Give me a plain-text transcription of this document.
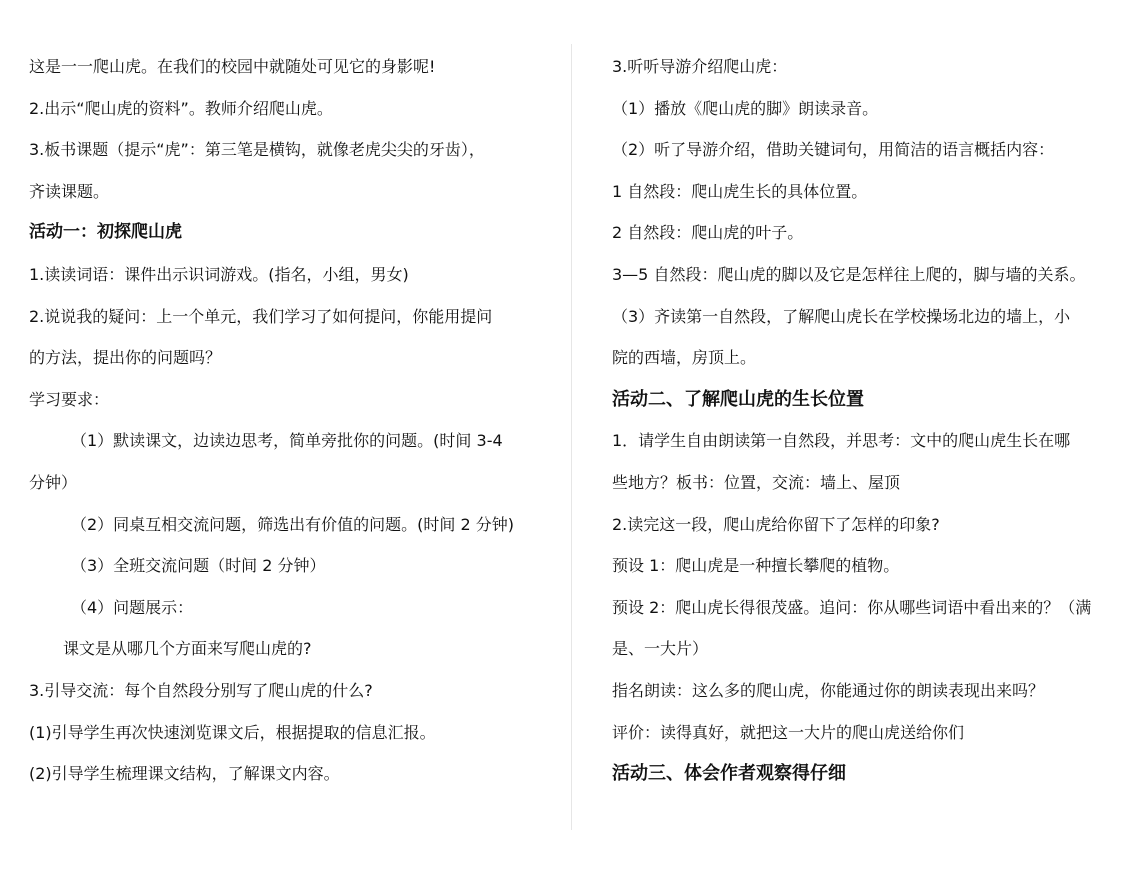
这是一一爬山虎。在我们的校园中就随处可见它的身影呢!
2.出示“爬山虎的资料”。教师介绍爬山虎。
3.板书课题（提示“虎”：第三笔是横钩，就像老虎尖尖的牙齿），
齐读课题。
活动一：初探爬山虎
1.读读词语：课件出示识词游戏。(指名，小组，男女)
2.说说我的疑问：上一个单元，我们学习了如何提问，你能用提问
的方法，提出你的问题吗？
学习要求：
（1）默读课文，边读边思考，简单旁批你的问题。(时间 3-4
分钟）
（2）同桌互相交流问题，筛选出有价值的问题。(时间 2 分钟)
（3）全班交流问题（时间 2 分钟）
（4）问题展示：
课文是从哪几个方面来写爬山虎的?
3.引导交流：每个自然段分别写了爬山虎的什么?
(1)引导学生再次快速浏览课文后，根据提取的信息汇报。
(2)引导学生梳理课文结构，了解课文内容。
3.听听导游介绍爬山虎：
（1）播放《爬山虎的脚》朗读录音。
（2）听了导游介绍，借助关键词句，用简洁的语言概括内容：
1 自然段：爬山虎生长的具体位置。
2 自然段：爬山虎的叶子。
3—5 自然段：爬山虎的脚以及它是怎样往上爬的，脚与墙的关系。
（3）齐读第一自然段，了解爬山虎长在学校操场北边的墙上，小
院的西墙，房顶上。
活动二、了解爬山虎的生长位置
1．请学生自由朗读第一自然段，并思考：文中的爬山虎生长在哪
些地方？板书：位置，交流：墙上、屋顶
2.读完这一段，爬山虎给你留下了怎样的印象?
预设 1：爬山虎是一种擅长攀爬的植物。
预设 2：爬山虎长得很茂盛。追问：你从哪些词语中看出来的？（满
是、一大片）
指名朗读：这么多的爬山虎，你能通过你的朗读表现出来吗？
评价：读得真好，就把这一大片的爬山虎送给你们
活动三、体会作者观察得仔细
